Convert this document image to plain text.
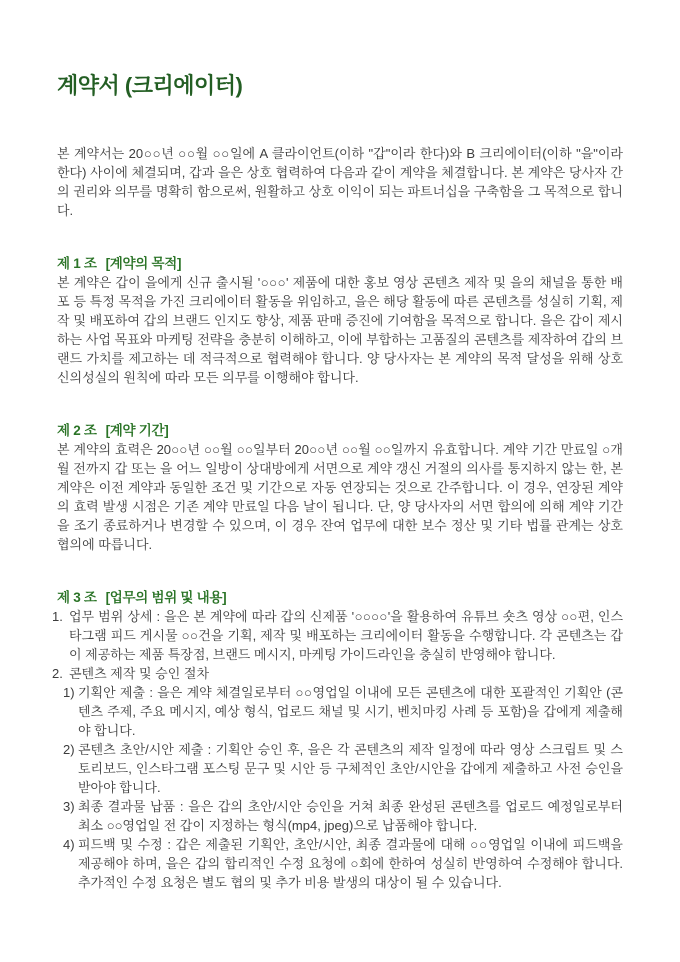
계약서 (크리에이터)

본 계약서는 20○○년 ○○월 ○○일에 A 클라이언트(이하 "갑"이라 한다)와 B 크리에이터(이하 "을"이라 한다) 사이에 체결되며, 갑과 을은 상호 협력하여 다음과 같이 계약을 체결합니다. 본 계약은 당사자 간의 권리와 의무를 명확히 함으로써, 원활하고 상호 이익이 되는 파트너십을 구축함을 그 목적으로 합니다.

제 1 조 [계약의 목적]

본 계약은 갑이 을에게 신규 출시될 '○○○' 제품에 대한 홍보 영상 콘텐츠 제작 및 을의 채널을 통한 배포 등 특정 목적을 가진 크리에이터 활동을 위임하고, 을은 해당 활동에 따른 콘텐츠를 성실히 기획, 제작 및 배포하여 갑의 브랜드 인지도 향상, 제품 판매 증진에 기여함을 목적으로 합니다. 을은 갑이 제시하는 사업 목표와 마케팅 전략을 충분히 이해하고, 이에 부합하는 고품질의 콘텐츠를 제작하여 갑의 브랜드 가치를 제고하는 데 적극적으로 협력해야 합니다. 양 당사자는 본 계약의 목적 달성을 위해 상호 신의성실의 원칙에 따라 모든 의무를 이행해야 합니다.

제 2 조 [계약 기간]

본 계약의 효력은 20○○년 ○○월 ○○일부터 20○○년 ○○월 ○○일까지 유효합니다. 계약 기간 만료일 ○개월 전까지 갑 또는 을 어느 일방이 상대방에게 서면으로 계약 갱신 거절의 의사를 통지하지 않는 한, 본 계약은 이전 계약과 동일한 조건 및 기간으로 자동 연장되는 것으로 간주합니다. 이 경우, 연장된 계약의 효력 발생 시점은 기존 계약 만료일 다음 날이 됩니다. 단, 양 당사자의 서면 합의에 의해 계약 기간을 조기 종료하거나 변경할 수 있으며, 이 경우 잔여 업무에 대한 보수 정산 및 기타 법률 관계는 상호 협의에 따릅니다.

제 3 조 [업무의 범위 및 내용]
1. 업무 범위 상세 : 을은 본 계약에 따라 갑의 신제품 '○○○○'을 활용하여 유튜브 숏츠 영상 ○○편, 인스타그램 피드 게시물 ○○건을 기획, 제작 및 배포하는 크리에이터 활동을 수행합니다. 각 콘텐츠는 갑이 제공하는 제품 특장점, 브랜드 메시지, 마케팅 가이드라인을 충실히 반영해야 합니다.
2. 콘텐츠 제작 및 승인 절차
1) 기획안 제출 : 을은 계약 체결일로부터 ○○영업일 이내에 모든 콘텐츠에 대한 포괄적인 기획안 (콘텐츠 주제, 주요 메시지, 예상 형식, 업로드 채널 및 시기, 벤치마킹 사례 등 포함)을 갑에게 제출해야 합니다.
2) 콘텐츠 초안/시안 제출 : 기획안 승인 후, 을은 각 콘텐츠의 제작 일정에 따라 영상 스크립트 및 스토리보드, 인스타그램 포스팅 문구 및 시안 등 구체적인 초안/시안을 갑에게 제출하고 사전 승인을 받아야 합니다.
3) 최종 결과물 납품 : 을은 갑의 초안/시안 승인을 거쳐 최종 완성된 콘텐츠를 업로드 예정일로부터 최소 ○○영업일 전 갑이 지정하는 형식(mp4, jpeg)으로 납품해야 합니다.
4) 피드백 및 수정 : 갑은 제출된 기획안, 초안/시안, 최종 결과물에 대해 ○○영업일 이내에 피드백을 제공해야 하며, 을은 갑의 합리적인 수정 요청에 ○회에 한하여 성실히 반영하여 수정해야 합니다. 추가적인 수정 요청은 별도 협의 및 추가 비용 발생의 대상이 될 수 있습니다.
